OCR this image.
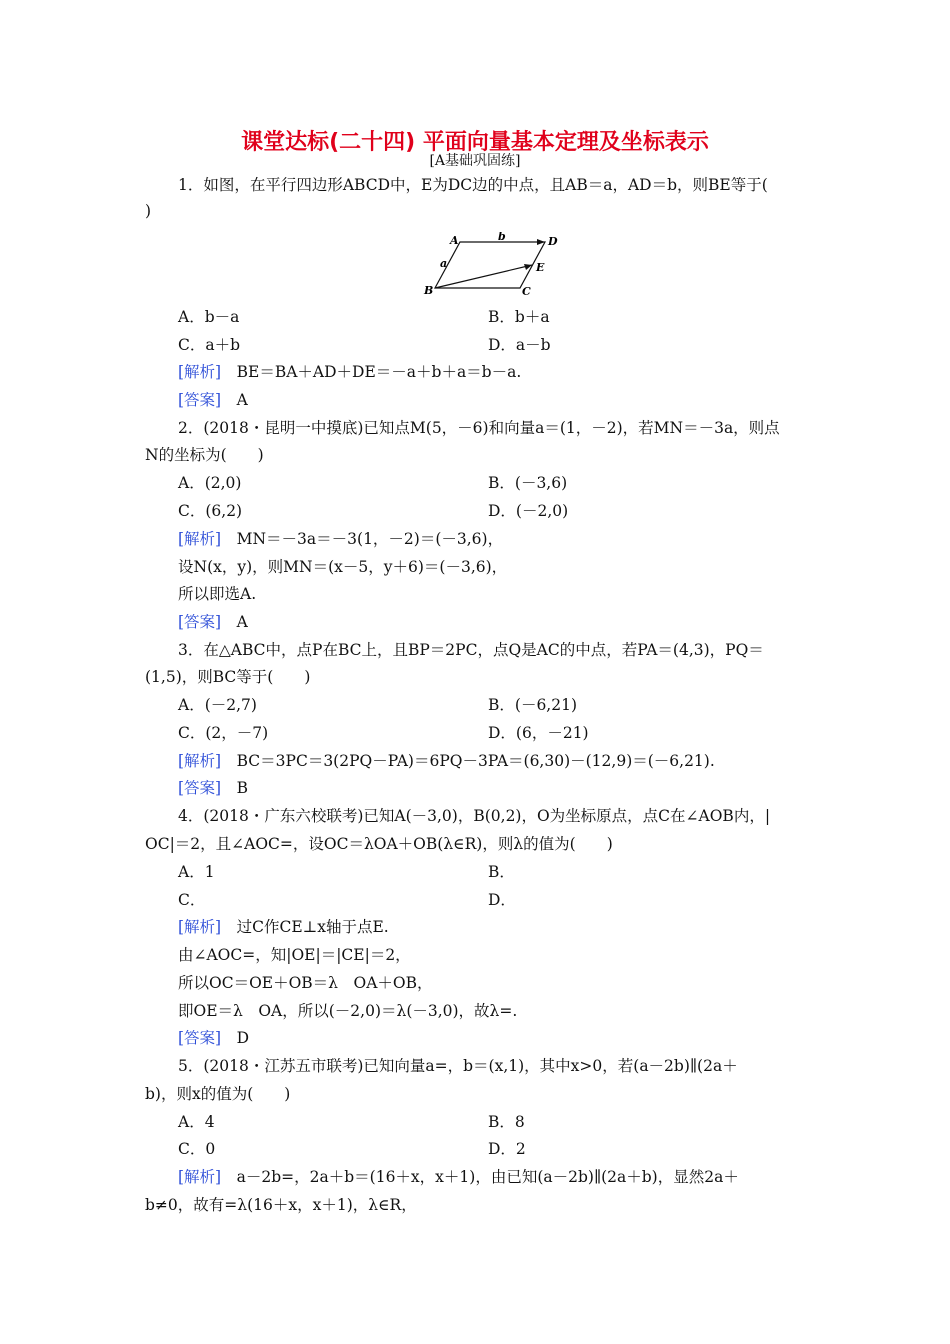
课堂达标(二十四) 平面向量基本定理及坐标表示
[A基础巩固练]
1．如图，在平行四边形ABCD中，E为DC边的中点，且AB＝a，AD＝b，则BE等于(
)
A	D
B	C
E
b
a
A．b－a	B．b＋a
C．a＋b	D．a－b
[解析]　 BE＝BA＋AD＋DE＝－a＋b＋a＝b－a.
[答案]　 A
2．(2018・昆明一中摸底)已知点M(5，－6)和向量a＝(1，－2)，若MN＝－3a，则点
N的坐标为(　　)
A．(2,0)	B．(－3,6)
C．(6,2)	D．(－2,0)
[解析]　 MN＝－3a＝－3(1，－2)＝(－3,6)，
设N(x，y)，则MN＝(x－5，y＋6)＝(－3,6)，
所以即选A.
[答案]　 A
3．在△ABC中，点P在BC上，且BP＝2PC，点Q是AC的中点，若PA＝(4,3)，PQ＝
(1,5)，则BC等于(　　)
A．(－2,7)	B．(－6,21)
C．(2，－7)	D．(6，－21)
[解析]　 BC＝3PC＝3(2PQ－PA)＝6PQ－3PA＝(6,30)－(12,9)＝(－6,21).
[答案]　 B
4．(2018・广东六校联考)已知A(－3,0)，B(0,2)，O为坐标原点，点C在∠AOB内，|
OC|＝2，且∠AOC=，设OC＝λOA＋OB(λ∈R)，则λ的值为(　　)
A．1	B．
C．	D．
[解析]　 过C作CE⊥x轴于点E.
由∠AOC=，知|OE|＝|CE|＝2，
所以OC＝OE＋OB＝λ　OA＋OB，
即OE＝λ　OA，所以(－2,0)＝λ(－3,0)，故λ=.
[答案]　 D
5．(2018・江苏五市联考)已知向量a=，b＝(x,1)，其中x>0，若(a－2b)∥(2a＋
b)，则x的值为(　　)
A．4	B．8
C．0	D．2
[解析]　 a－2b=，2a＋b＝(16＋x，x＋1)，由已知(a－2b)∥(2a＋b)，显然2a＋
b≠0，故有=λ(16＋x，x＋1)，λ∈R，
